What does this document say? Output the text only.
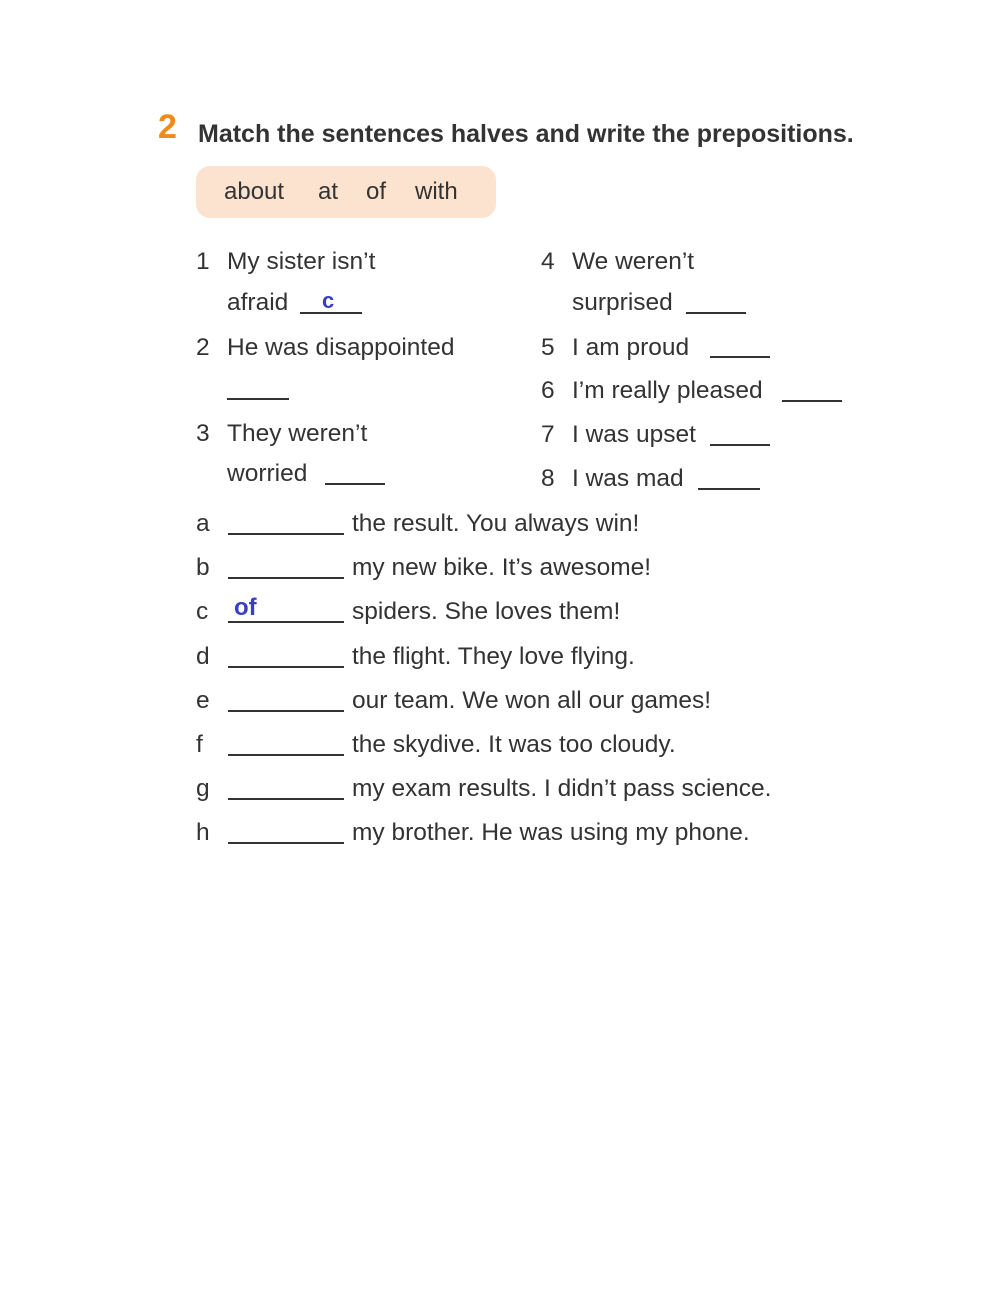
2 Match the sentences halves and write the prepositions.
about at of with
1 My sister isn’t
afraid c
2 He was disappointed
3 They weren’t
worried
4 We weren’t
surprised
5 I am proud
6 I’m really pleased
7 I was upset
8 I was mad
a	the result. You always win!
b	my new bike. It’s awesome!
c of	spiders. She loves them!
d	the flight. They love flying.
e	our team. We won all our games!
f	the skydive. It was too cloudy.
g	my exam results. I didn’t pass science.
h	my brother. He was using my phone.
